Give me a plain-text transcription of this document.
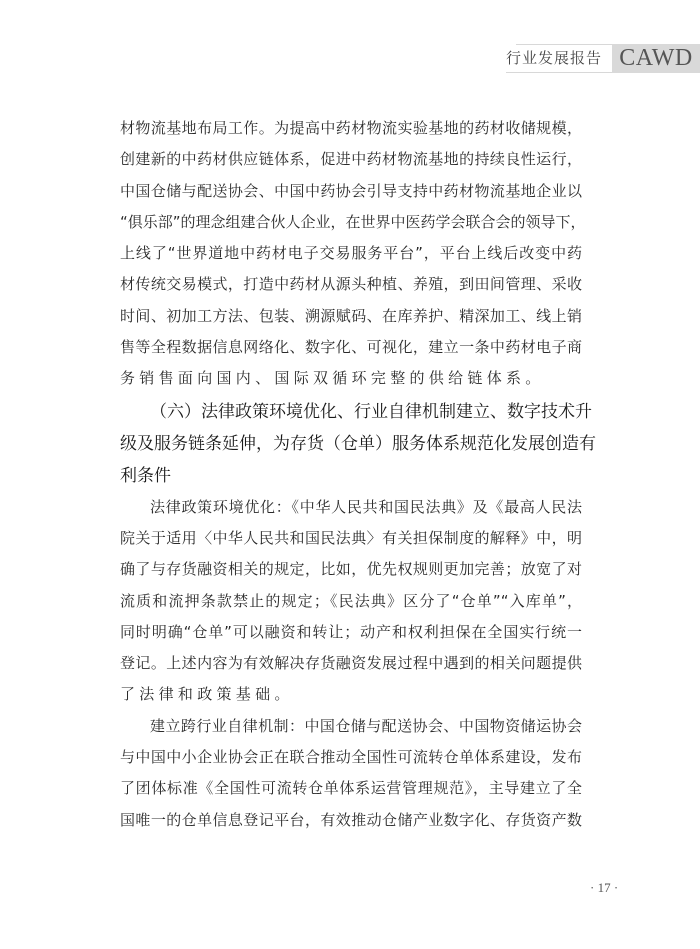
行业发展报告 CAWD
材物流基地布局工作。为提高中药材物流实验基地的药材收储规模，
创建新的中药材供应链体系，促进中药材物流基地的持续良性运行，
中国仓储与配送协会、中国中药协会引导支持中药材物流基地企业以
“俱乐部”的理念组建合伙人企业，在世界中医药学会联合会的领导下，
上线了“世界道地中药材电子交易服务平台”，平台上线后改变中药
材传统交易模式，打造中药材从源头种植、养殖，到田间管理、采收
时间、初加工方法、包装、溯源赋码、在库养护、精深加工、线上销
售等全程数据信息网络化、数字化、可视化，建立一条中药材电子商
务销售面向国内、国际双循环完整的供给链体系。
（六）法律政策环境优化、行业自律机制建立、数字技术升
级及服务链条延伸，为存货（仓单）服务体系规范化发展创造有
利条件
法律政策环境优化：《中华人民共和国民法典》及《最高人民法
院关于适用〈中华人民共和国民法典〉有关担保制度的解释》中，明
确了与存货融资相关的规定，比如，优先权规则更加完善；放宽了对
流质和流押条款禁止的规定；《民法典》区分了“仓单”“入库单”，
同时明确“仓单”可以融资和转让；动产和权利担保在全国实行统一
登记。上述内容为有效解决存货融资发展过程中遇到的相关问题提供
了法律和政策基础。
建立跨行业自律机制：中国仓储与配送协会、中国物资储运协会
与中国中小企业协会正在联合推动全国性可流转仓单体系建设，发布
了团体标准《全国性可流转仓单体系运营管理规范》，主导建立了全
国唯一的仓单信息登记平台，有效推动仓储产业数字化、存货资产数
· 17 ·
